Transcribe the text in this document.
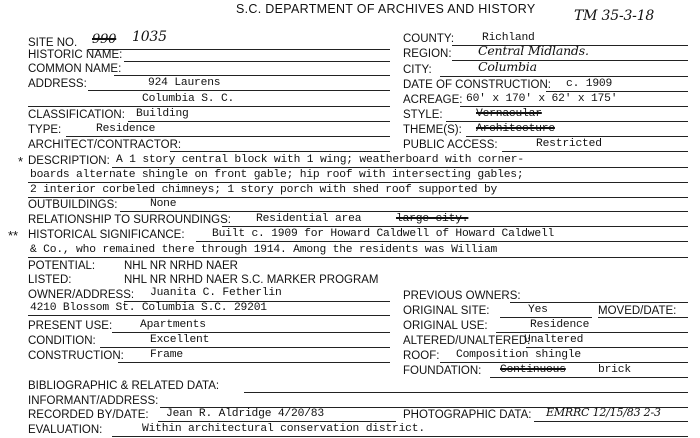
S.C. DEPARTMENT OF ARCHIVES AND HISTORY	TM 35-3-18
SITE NO. 990 1035
HISTORIC NAME:
COMMON NAME:
ADDRESS:	924 Laurens
Columbia S. C.
CLASSIFICATION: Building
TYPE:	Residence
ARCHITECT/CONTRACTOR:
COUNTY: Richland
REGION: Central Midlands.
CITY:	Columbia
DATE OF CONSTRUCTION: c. 1909
ACREAGE: 60' x 170' x 62' x 175'
STYLE:	Vernacular
THEME(S): Architecture
PUBLIC ACCESS:	Restricted
* DESCRIPTION: A 1 story central block with 1 wing; weatherboard with corner-
boards alternate shingle on front gable; hip roof with intersecting gables;
2 interior corbeled chimneys; 1 story porch with shed roof supported by
OUTBUILDINGS:	None
RELATIONSHIP TO SURROUNDINGS: Residential area	large city.
** HISTORICAL SIGNIFICANCE: Built c. 1909 for Howard Caldwell of Howard Caldwell
& Co., who remained there through 1914. Among the residents was William
POTENTIAL:	NHL NR NRHD NAER
LISTED:	NHL NR NRHD NAER S.C. MARKER PROGRAM
OWNER/ADDRESS: Juanita C. Fetherlin
4210 Blossom St. Columbia S.C. 29201
PREVIOUS OWNERS:
ORIGINAL SITE:	Yes	MOVED/DATE:
PRESENT USE: Apartments	ORIGINAL USE:	Residence
CONDITION:	Excellent	ALTERED/UNALTERED:
Unaltered
CONSTRUCTION: Frame	ROOF: Composition shingle
FOUNDATION: Continuous	brick
BIBLIOGRAPHIC & RELATED DATA:
INFORMANT/ADDRESS:
RECORDED BY/DATE: Jean R. Aldridge 4/20/83	PHOTOGRAPHIC DATA: EMRRC 12/15/83 2-3
EVALUATION:	Within architectural conservation district.
